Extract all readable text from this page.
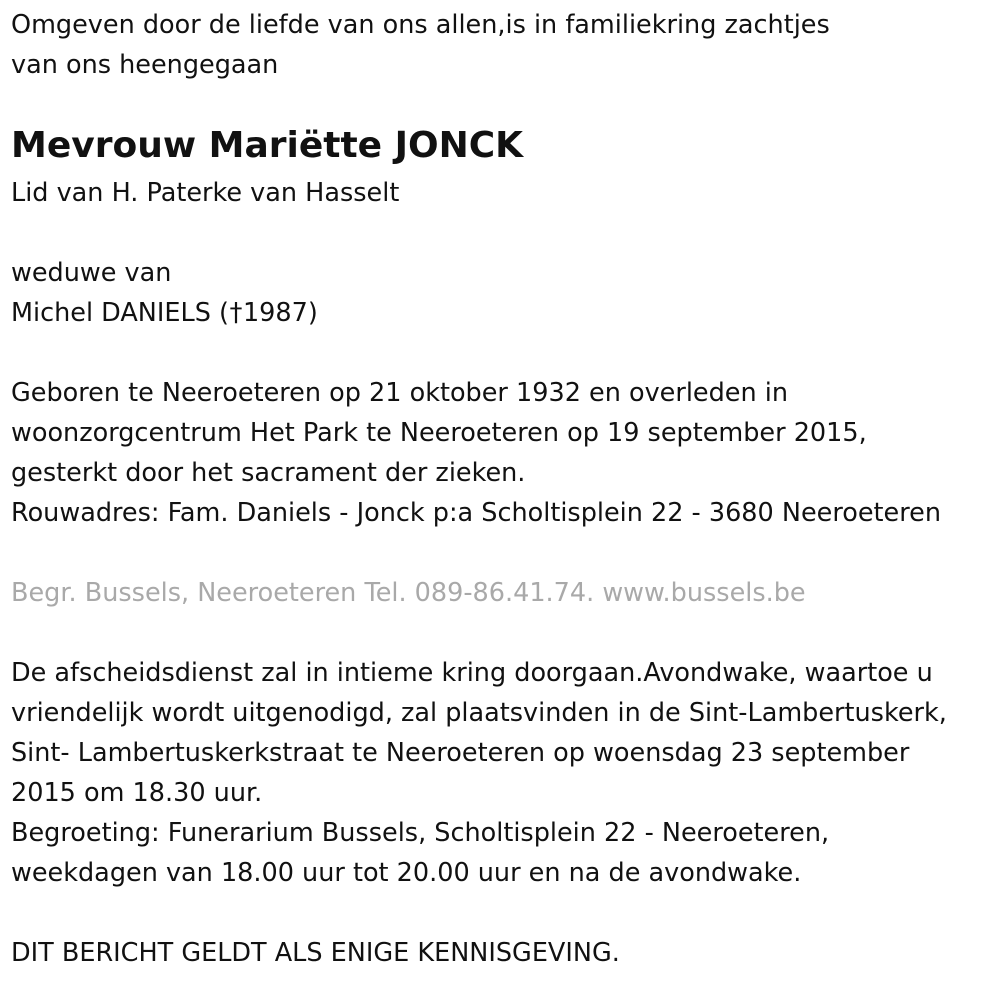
Omgeven door de liefde van ons allen,is in familiekring zachtjes
van ons heengegaan
Mevrouw Mariëtte JONCK
Lid van H. Paterke van Hasselt
weduwe van
Michel DANIELS (†1987)
Geboren te Neeroeteren op 21 oktober 1932 en overleden in
woonzorgcentrum Het Park te Neeroeteren op 19 september 2015,
gesterkt door het sacrament der zieken.
Rouwadres: Fam. Daniels - Jonck p:a Scholtisplein 22 - 3680 Neeroeteren
Begr. Bussels, Neeroeteren Tel. 089-86.41.74. www.bussels.be
De afscheidsdienst zal in intieme kring doorgaan.Avondwake, waartoe u
vriendelijk wordt uitgenodigd, zal plaatsvinden in de Sint-Lambertuskerk,
Sint- Lambertuskerkstraat te Neeroeteren op woensdag 23 september
2015 om 18.30 uur.
Begroeting: Funerarium Bussels, Scholtisplein 22 - Neeroeteren,
weekdagen van 18.00 uur tot 20.00 uur en na de avondwake.
DIT BERICHT GELDT ALS ENIGE KENNISGEVING.
